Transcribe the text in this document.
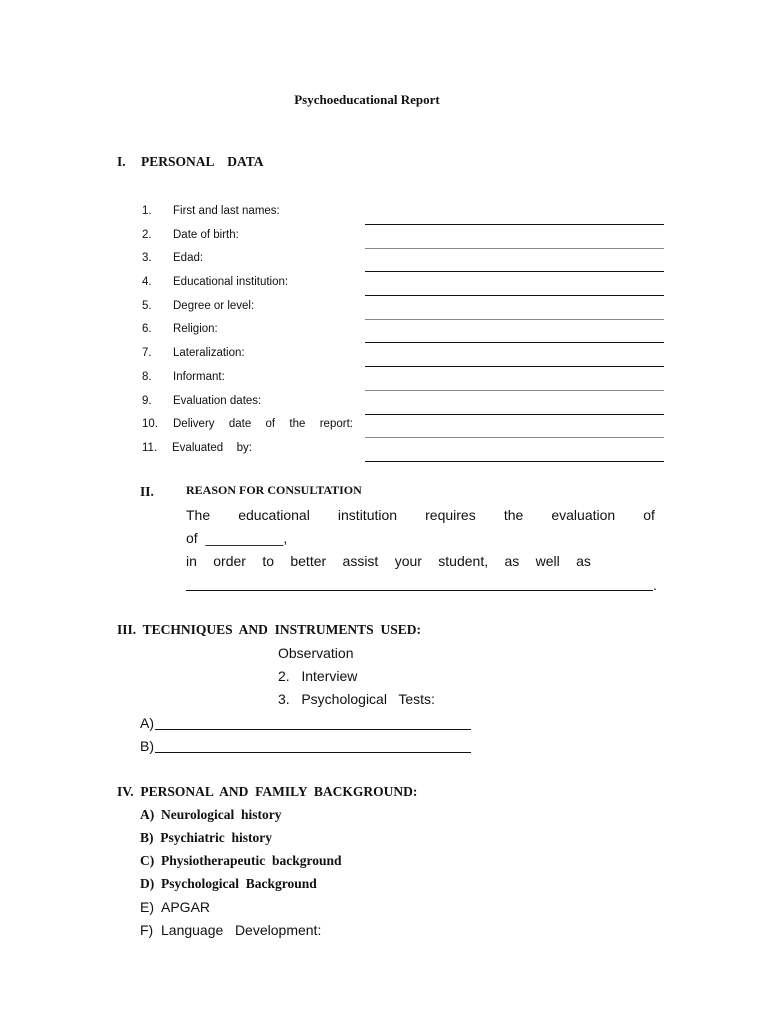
Psychoeducational Report
I. PERSONAL    DATA
1. First and last names:
2. Date of birth:
3. Edad:
4. Educational institution:
5. Degree or level:
6. Religion:
7. Lateralization:
8. Informant:
9. Evaluation dates:
10. Delivery date of the report:
11. Evaluated by:
II.	REASON FOR CONSULTATION
The educational institution requires the evaluation of
of  __________,
in order to better assist your student, as well as
.
III.  TECHNIQUES  AND  INSTRUMENTS  USED:
Observation
2.   Interview
3.   Psychological   Tests:
A)
B)
IV.  PERSONAL  AND  FAMILY  BACKGROUND:
A)  Neurological  history
B)  Psychiatric  history
C)  Physiotherapeutic  background
D)  Psychological  Background
E)  APGAR
F)  Language   Development:
